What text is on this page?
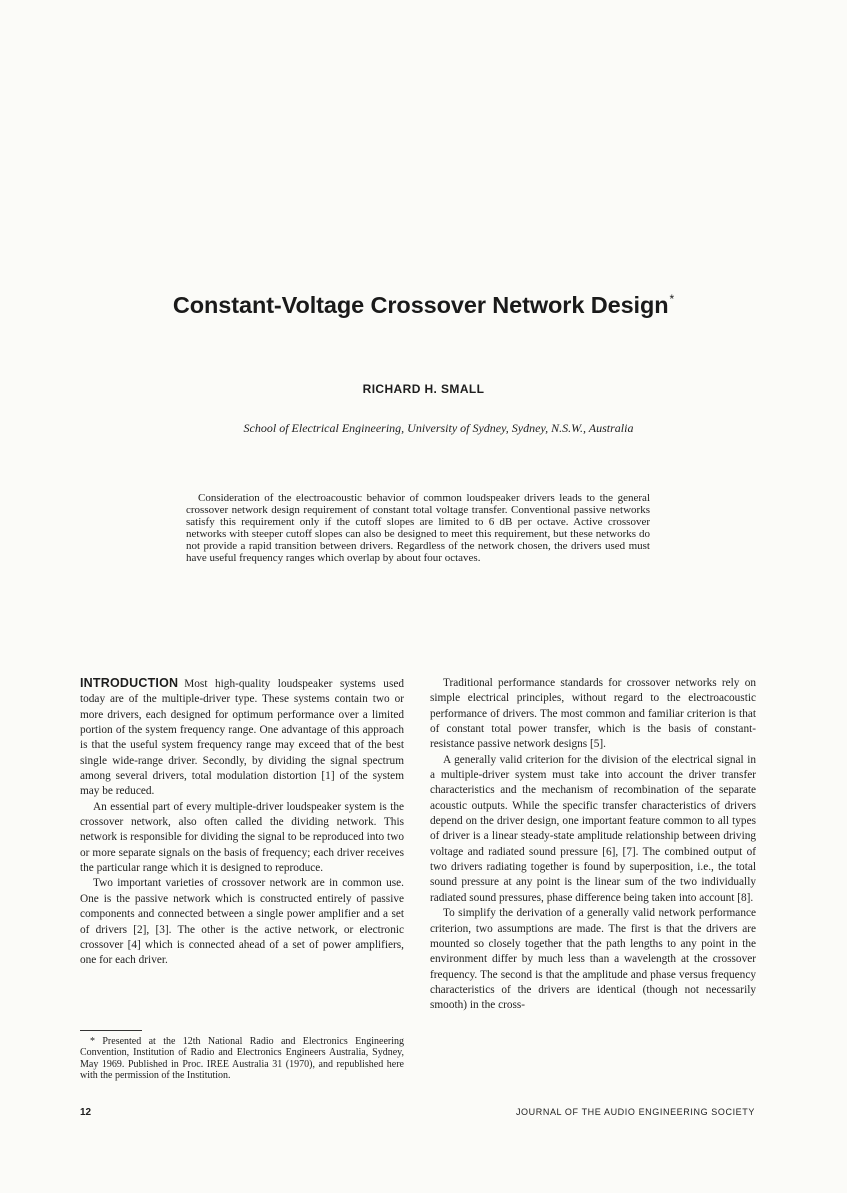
Constant-Voltage Crossover Network Design*
RICHARD H. SMALL
School of Electrical Engineering, University of Sydney, Sydney, N.S.W., Australia
Consideration of the electroacoustic behavior of common loudspeaker drivers leads to the general crossover network design requirement of constant total voltage transfer. Conventional passive networks satisfy this requirement only if the cutoff slopes are limited to 6 dB per octave. Active crossover networks with steeper cutoff slopes can also be designed to meet this requirement, but these networks do not provide a rapid transition between drivers. Regardless of the network chosen, the drivers used must have useful frequency ranges which overlap by about four octaves.

INTRODUCTION Most high-quality loudspeaker systems used today are of the multiple-driver type. These systems contain two or more drivers, each designed for optimum performance over a limited portion of the system frequency range. One advantage of this approach is that the useful system frequency range may exceed that of the best single wide-range driver. Secondly, by dividing the signal spectrum among several drivers, total modulation distortion [1] of the system may be reduced.

An essential part of every multiple-driver loudspeaker system is the crossover network, also often called the dividing network. This network is responsible for dividing the signal to be reproduced into two or more separate signals on the basis of frequency; each driver receives the particular range which it is designed to reproduce.

Two important varieties of crossover network are in common use. One is the passive network which is constructed entirely of passive components and connected between a single power amplifier and a set of drivers [2], [3]. The other is the active network, or electronic crossover [4] which is connected ahead of a set of power amplifiers, one for each driver.

Traditional performance standards for crossover networks rely on simple electrical principles, without regard to the electroacoustic performance of drivers. The most common and familiar criterion is that of constant total power transfer, which is the basis of constant-resistance passive network designs [5].

A generally valid criterion for the division of the electrical signal in a multiple-driver system must take into account the driver transfer characteristics and the mechanism of recombination of the separate acoustic outputs. While the specific transfer characteristics of drivers depend on the driver design, one important feature common to all types of driver is a linear steady-state amplitude relationship between driving voltage and radiated sound pressure [6], [7]. The combined output of two drivers radiating together is found by superposition, i.e., the total sound pressure at any point is the linear sum of the two individually radiated sound pressures, phase difference being taken into account [8].

To simplify the derivation of a generally valid network performance criterion, two assumptions are made. The first is that the drivers are mounted so closely together that the path lengths to any point in the environment differ by much less than a wavelength at the crossover frequency. The second is that the amplitude and phase versus frequency characteristics of the drivers are identical (though not necessarily smooth) in the cross-

* Presented at the 12th National Radio and Electronics Engineering Convention, Institution of Radio and Electronics Engineers Australia, Sydney, May 1969. Published in Proc. IREE Australia 31 (1970), and republished here with the permission of the Institution.
12	JOURNAL OF THE AUDIO ENGINEERING SOCIETY
